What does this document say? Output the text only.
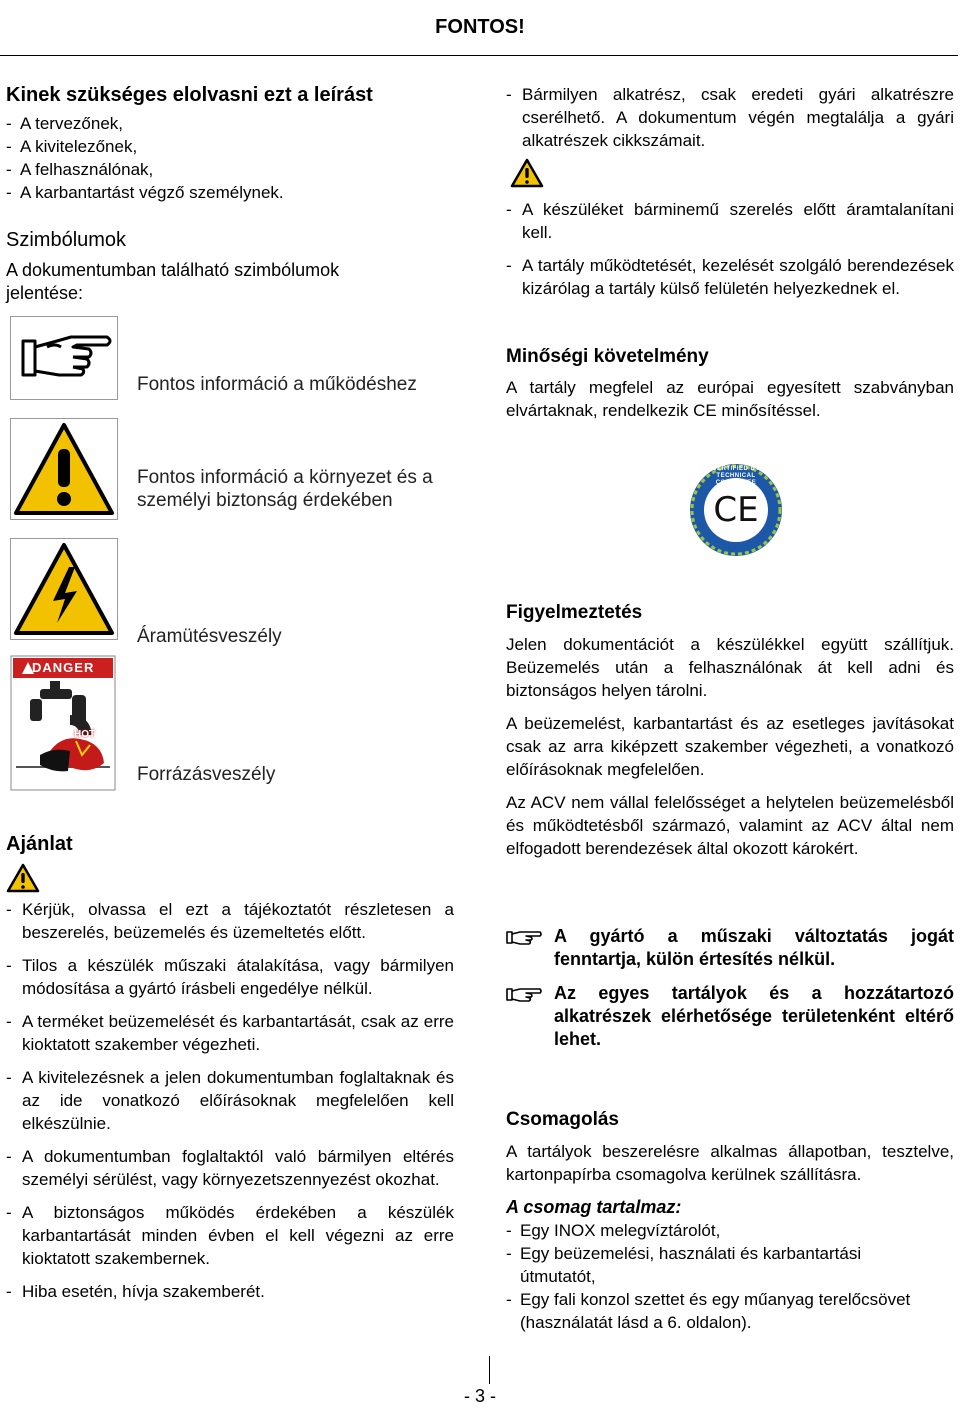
FONTOS!
Kinek szükséges elolvasni ezt a leírást
- A tervezőnek,
- A kivitelezőnek,
- A felhasználónak,
- A karbantartást végző személynek.
Szimbólumok
A dokumentumban található szimbólumok jelentése:
Fontos információ a működéshez
Fontos információ a környezet és a személyi biztonság érdekében
Áramütésveszély
DANGER
HOT
Forrázásveszély
Ajánlat
- Kérjük, olvassa el ezt a tájékoztatót részletesen a beszerelés, beüzemelés és üzemeltetés előtt.
- Tilos a készülék műszaki átalakítása, vagy bármilyen módosítása a gyártó írásbeli engedélye nélkül.
- A terméket beüzemelését és karbantartását, csak az erre kioktatott szakember végezheti.
- A kivitelezésnek a jelen dokumentumban foglaltaknak és az ide vonatkozó előírásoknak megfelelően kell elkészülnie.
- A dokumentumban foglaltaktól való bármilyen eltérés személyi sérülést, vagy környezetszennyezést okozhat.
- A biztonságos működés érdekében a készülék karbantartását minden évben el kell végezni az erre kioktatott szakembernek.
- Hiba esetén, hívja szakemberét.
- Bármilyen alkatrész, csak eredeti gyári alkatrészre cserélhető. A dokumentum végén megtalálja a gyári alkatrészek cikkszámait.
- A készüléket bárminemű szerelés előtt áramtalanítani kell.
- A tartály működtetését, kezelését szolgáló berendezések kizárólag a tartály külső felületén helyezkednek el.
Minőségi követelmény
A tartály megfelel az európai egyesített szabványban elvártaknak, rendelkezik CE minősítéssel.
CE
CERTIFIED BY TECHNICAL COMMITTEE
Figyelmeztetés
Jelen dokumentációt a készülékkel együtt szállítjuk. Beüzemelés után a felhasználónak át kell adni és biztonságos helyen tárolni.
A beüzemelést, karbantartást és az esetleges javításokat csak az arra kiképzett szakember végezheti, a vonatkozó előírásoknak megfelelően.
Az ACV nem vállal felelősséget a helytelen beüzemelésből és működtetésből származó, valamint az ACV által nem elfogadott berendezések által okozott károkért.
A gyártó a műszaki változtatás jogát fenntartja, külön értesítés nélkül.
Az egyes tartályok és a hozzátartozó alkatrészek elérhetősége területenként eltérő lehet.
Csomagolás
A tartályok beszerelésre alkalmas állapotban, tesztelve, kartonpapírba csomagolva kerülnek szállításra.
A csomag tartalmaz:
- Egy INOX melegvíztárolót,
- Egy beüzemelési, használati és karbantartási útmutatót,
- Egy fali konzol szettet és egy műanyag terelőcsövet (használatát lásd a 6. oldalon).
- 3 -
